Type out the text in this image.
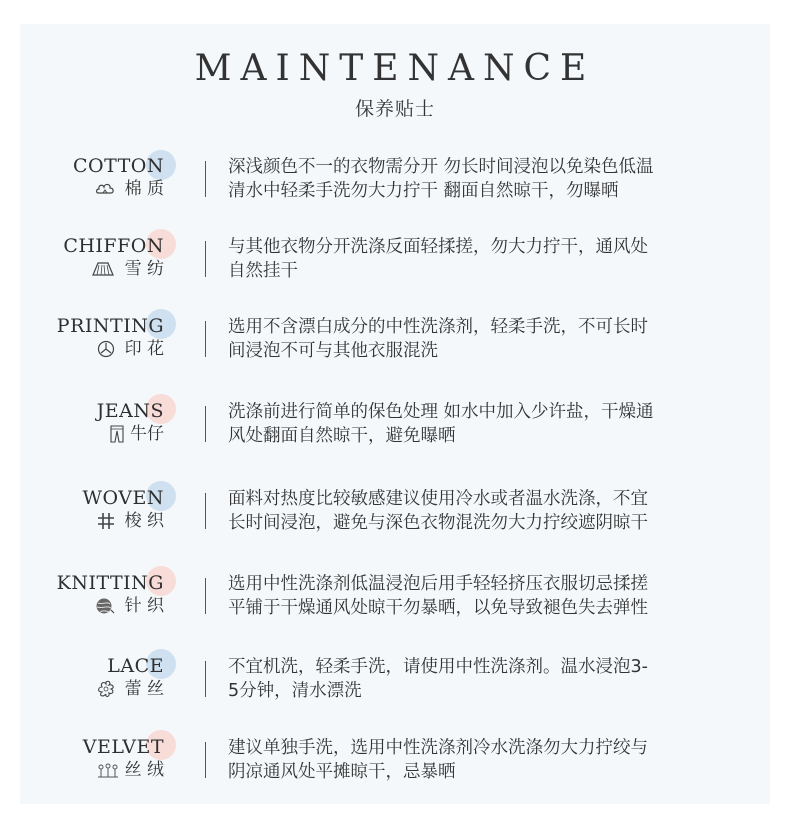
MAINTENANCE
保养贴士
COTTON
棉 质
深浅颜色不一的衣物需分开 勿长时间浸泡以免染色低温
清水中轻柔手洗勿大力拧干 翻面自然晾干，勿曝晒
CHIFFON
雪 纺
与其他衣物分开洗涤反面轻揉搓，勿大力拧干，通风处
自然挂干
PRINTING
印 花
选用不含漂白成分的中性洗涤剂，轻柔手洗，不可长时
间浸泡不可与其他衣服混洗
JEANS
牛仔
洗涤前进行简单的保色处理 如水中加入少许盐，干燥通
风处翻面自然晾干，避免曝晒
WOVEN
梭 织
面料对热度比较敏感建议使用冷水或者温水洗涤，不宜
长时间浸泡，避免与深色衣物混洗勿大力拧绞遮阴晾干
KNITTING
针 织
选用中性洗涤剂低温浸泡后用手轻轻挤压衣服切忌揉搓
平铺于干燥通风处晾干勿暴晒，以免导致褪色失去弹性
LACE
蕾 丝
不宜机洗，轻柔手洗，请使用中性洗涤剂。温水浸泡3-
5分钟，清水漂洗
VELVET
丝 绒
建议单独手洗，选用中性洗涤剂冷水洗涤勿大力拧绞与
阴凉通风处平摊晾干，忌暴晒
